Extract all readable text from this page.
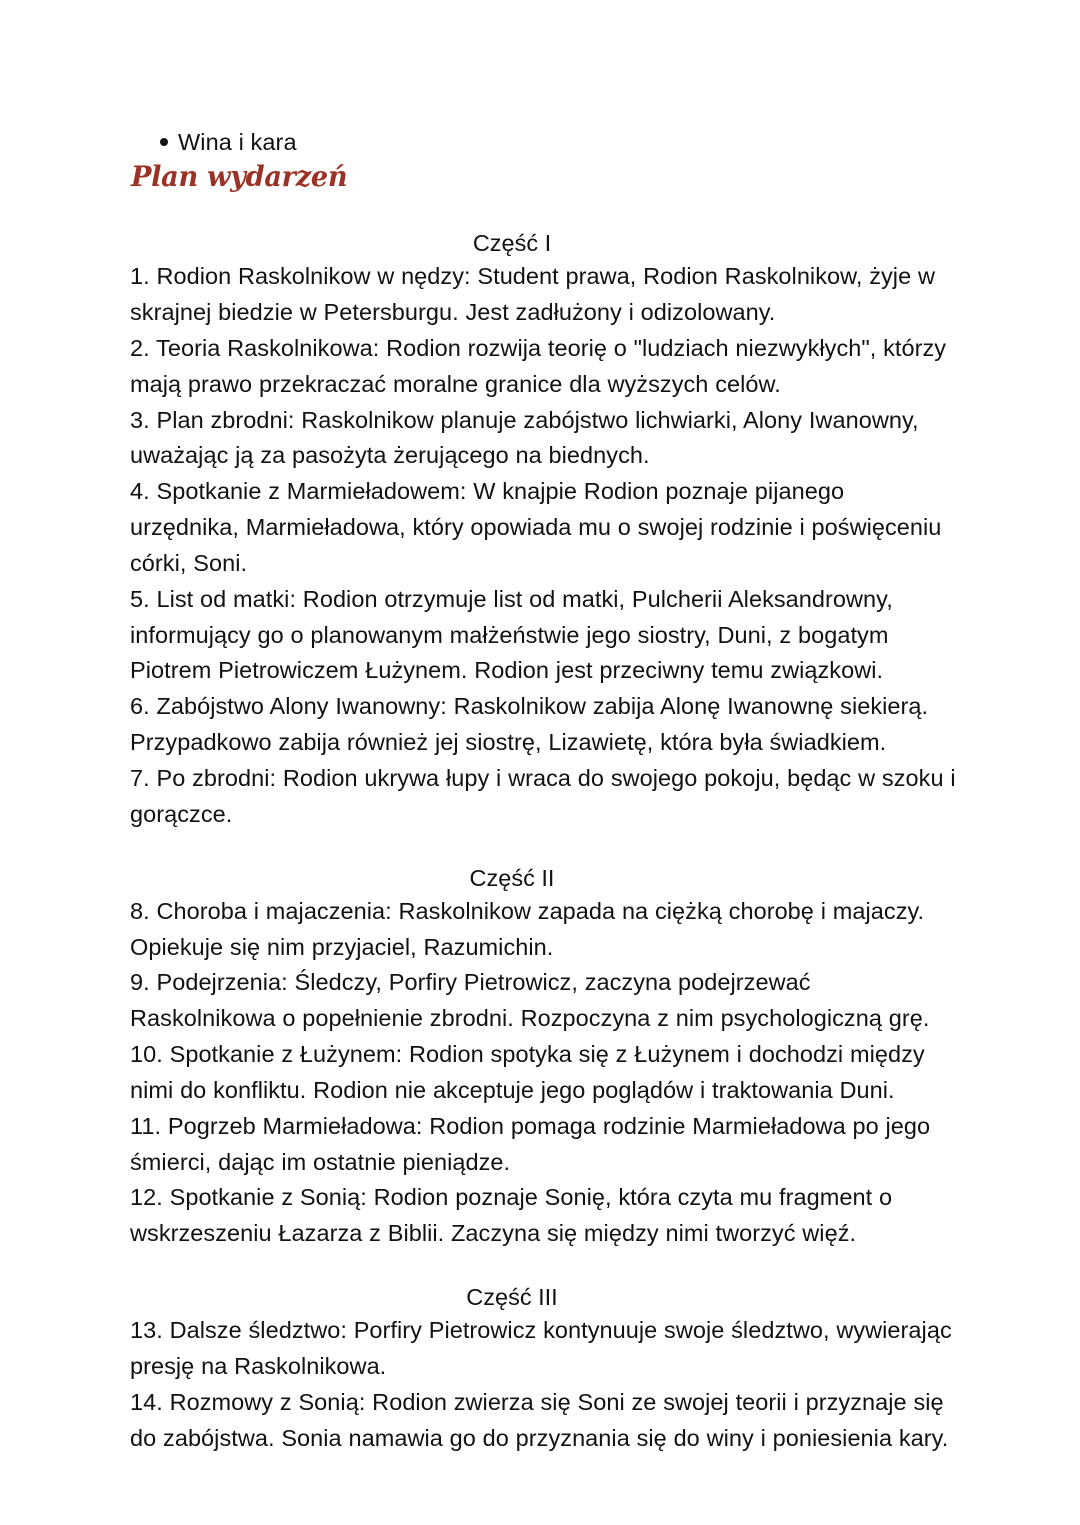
Wina i kara
Plan wydarzeń
Część I
1. Rodion Raskolnikow w nędzy: Student prawa, Rodion Raskolnikow, żyje w skrajnej biedzie w Petersburgu. Jest zadłużony i odizolowany.
2. Teoria Raskolnikowa: Rodion rozwija teorię o "ludziach niezwykłych", którzy mają prawo przekraczać moralne granice dla wyższych celów.
3. Plan zbrodni: Raskolnikow planuje zabójstwo lichwiarki, Alony Iwanowny, uważając ją za pasożyta żerującego na biednych.
4. Spotkanie z Marmieładowem: W knajpie Rodion poznaje pijanego urzędnika, Marmieładowa, który opowiada mu o swojej rodzinie i poświęceniu córki, Soni.
5. List od matki: Rodion otrzymuje list od matki, Pulcherii Aleksandrowny, informujący go o planowanym małżeństwie jego siostry, Duni, z bogatym Piotrem Pietrowiczem Łużynem. Rodion jest przeciwny temu związkowi.
6. Zabójstwo Alony Iwanowny: Raskolnikow zabija Alonę Iwanownę siekierą. Przypadkowo zabija również jej siostrę, Lizawietę, która była świadkiem.
7. Po zbrodni: Rodion ukrywa łupy i wraca do swojego pokoju, będąc w szoku i gorączce.
Część II
8. Choroba i majaczenia: Raskolnikow zapada na ciężką chorobę i majaczy. Opiekuje się nim przyjaciel, Razumichin.
9. Podejrzenia: Śledczy, Porfiry Pietrowicz, zaczyna podejrzewać Raskolnikowa o popełnienie zbrodni. Rozpoczyna z nim psychologiczną grę.
10. Spotkanie z Łużynem: Rodion spotyka się z Łużynem i dochodzi między nimi do konfliktu. Rodion nie akceptuje jego poglądów i traktowania Duni.
11. Pogrzeb Marmieładowa: Rodion pomaga rodzinie Marmieładowa po jego śmierci, dając im ostatnie pieniądze.
12. Spotkanie z Sonią: Rodion poznaje Sonię, która czyta mu fragment o wskrzeszeniu Łazarza z Biblii. Zaczyna się między nimi tworzyć więź.
Część III
13. Dalsze śledztwo: Porfiry Pietrowicz kontynuuje swoje śledztwo, wywierając presję na Raskolnikowa.
14. Rozmowy z Sonią: Rodion zwierza się Soni ze swojej teorii i przyznaje się do zabójstwa. Sonia namawia go do przyznania się do winy i poniesienia kary.
